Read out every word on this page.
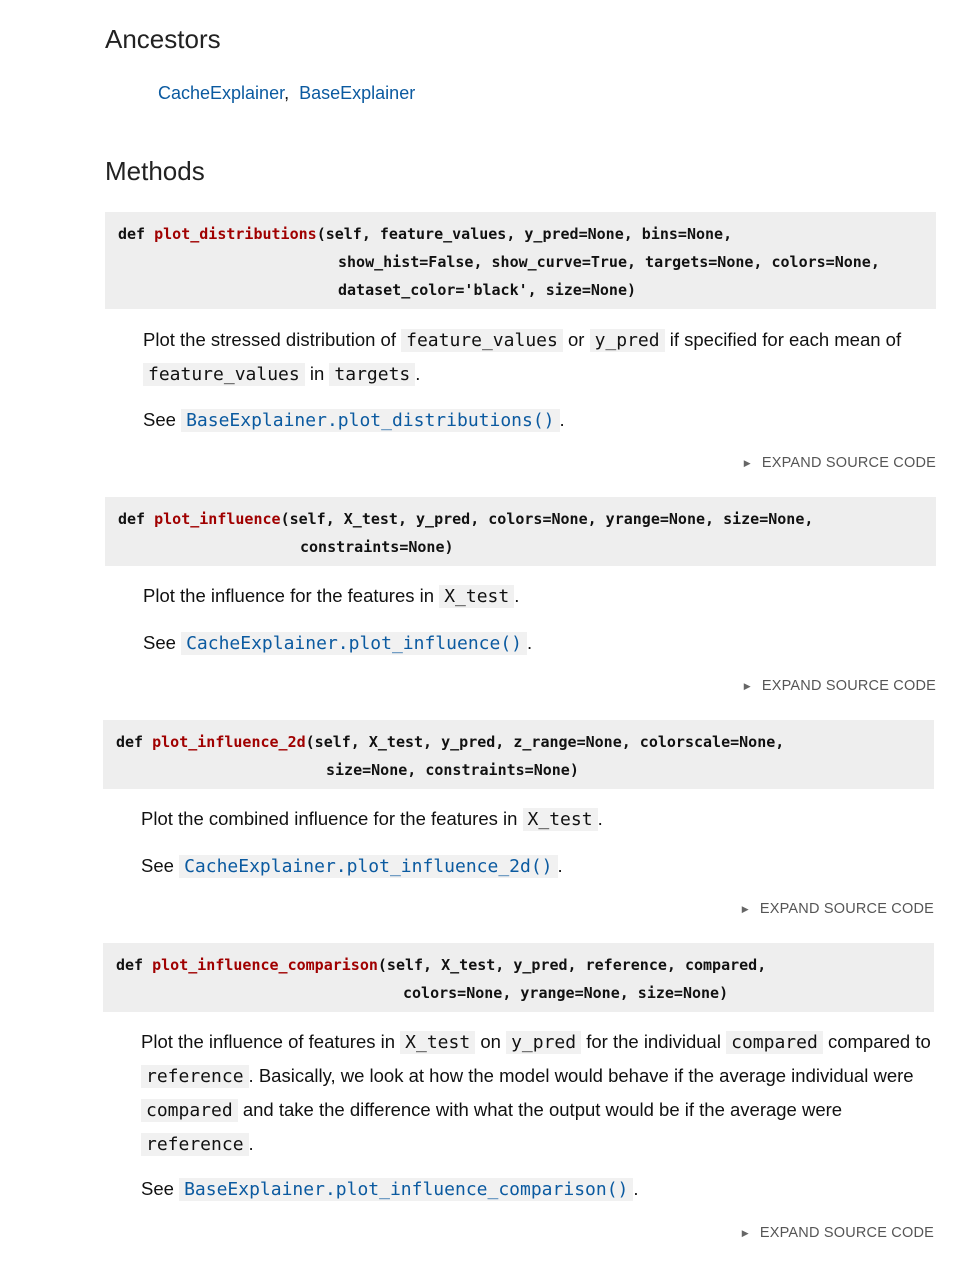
Ancestors
CacheExplainer, BaseExplainer
Methods
def plot_distributions(self, feature_values, y_pred=None, bins=None,
show_hist=False, show_curve=True, targets=None, colors=None,
dataset_color='black', size=None)
Plot the stressed distribution of feature_values or y_pred if specified for each mean of feature_values in targets .
See BaseExplainer.plot_distributions() .
▶ EXPAND SOURCE CODE
def plot_influence(self, X_test, y_pred, colors=None, yrange=None, size=None,
constraints=None)
Plot the influence for the features in X_test .
See CacheExplainer.plot_influence() .
▶ EXPAND SOURCE CODE
def plot_influence_2d(self, X_test, y_pred, z_range=None, colorscale=None,
size=None, constraints=None)
Plot the combined influence for the features in X_test .
See CacheExplainer.plot_influence_2d() .
▶ EXPAND SOURCE CODE
def plot_influence_comparison(self, X_test, y_pred, reference, compared,
colors=None, yrange=None, size=None)
Plot the influence of features in X_test on y_pred for the individual compared compared to reference . Basically, we look at how the model would behave if the average individual were compared and take the difference with what the output would be if the average were reference .
See BaseExplainer.plot_influence_comparison() .
▶ EXPAND SOURCE CODE
